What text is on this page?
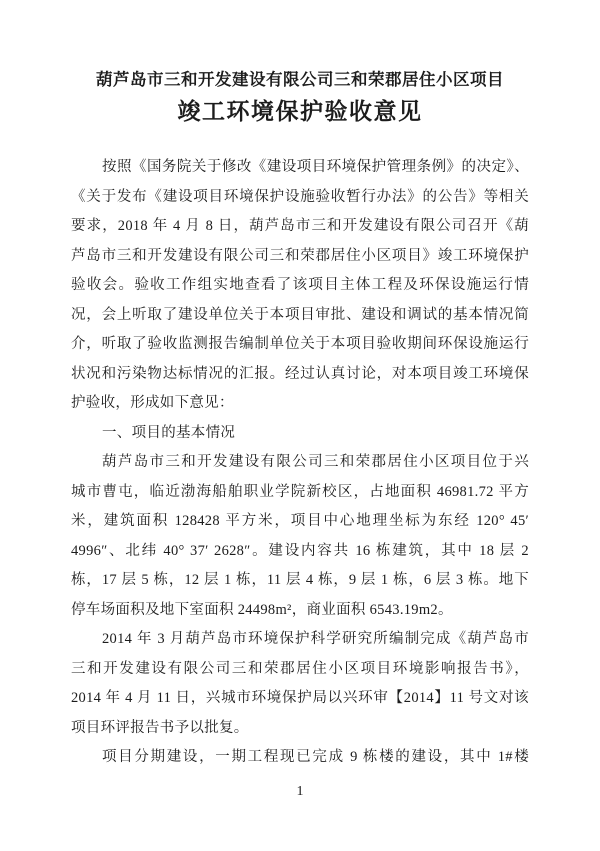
葫芦岛市三和开发建设有限公司三和荣郡居住小区项目
竣工环境保护验收意见
按照《国务院关于修改《建设项目环境保护管理条例》的决定》、
《关于发布《建设项目环境保护设施验收暂行办法》的公告》等相关
要求，2018 年 4 月 8 日，葫芦岛市三和开发建设有限公司召开《葫
芦岛市三和开发建设有限公司三和荣郡居住小区项目》竣工环境保护
验收会。验收工作组实地查看了该项目主体工程及环保设施运行情
况，会上听取了建设单位关于本项目审批、建设和调试的基本情况简
介，听取了验收监测报告编制单位关于本项目验收期间环保设施运行
状况和污染物达标情况的汇报。经过认真讨论，对本项目竣工环境保
护验收，形成如下意见：
一、项目的基本情况
葫芦岛市三和开发建设有限公司三和荣郡居住小区项目位于兴
城市曹屯，临近渤海船舶职业学院新校区，占地面积 46981.72 平方
米，建筑面积 128428 平方米，项目中心地理坐标为东经 120° 45′
4996″、北纬 40° 37′ 2628″。建设内容共 16 栋建筑，其中 18 层 2
栋，17 层 5 栋，12 层 1 栋，11 层 4 栋，9 层 1 栋，6 层 3 栋。地下
停车场面积及地下室面积 24498m²，商业面积 6543.19m2。
2014 年 3 月葫芦岛市环境保护科学研究所编制完成《葫芦岛市
三和开发建设有限公司三和荣郡居住小区项目环境影响报告书》，
2014 年 4 月 11 日，兴城市环境保护局以兴环审【2014】11 号文对该
项目环评报告书予以批复。
项目分期建设，一期工程现已完成 9 栋楼的建设，其中 1#楼
1
